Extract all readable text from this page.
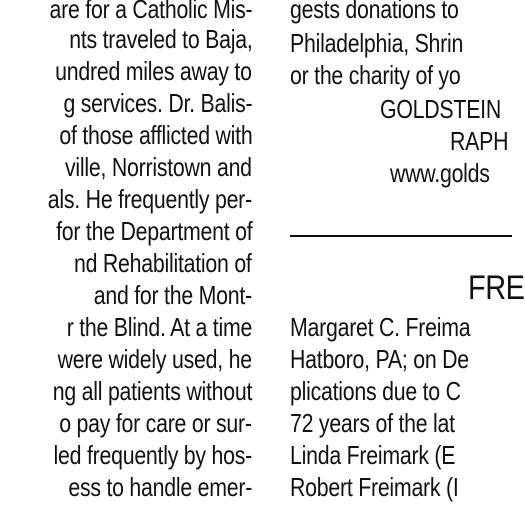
are for a Catholic Mis-
nts traveled to Baja,
undred miles away to
g services. Dr. Balis-
of those afflicted with
ville, Norristown and
als. He frequently per-
for the Department of
nd Rehabilitation of
and for the Mont-
r the Blind. At a time
were widely used, he
ng all patients without
o pay for care or sur-
led frequently by hos-
ess to handle emer-
gests donations to
Philadelphia, Shrin
or the charity of yo
GOLDSTEIN
RAPH
www.golds
Margaret C. Freima
Hatboro, PA; on De
plications due to C
72 years of the lat
Linda Freimark (E
Robert Freimark (I
FRE
